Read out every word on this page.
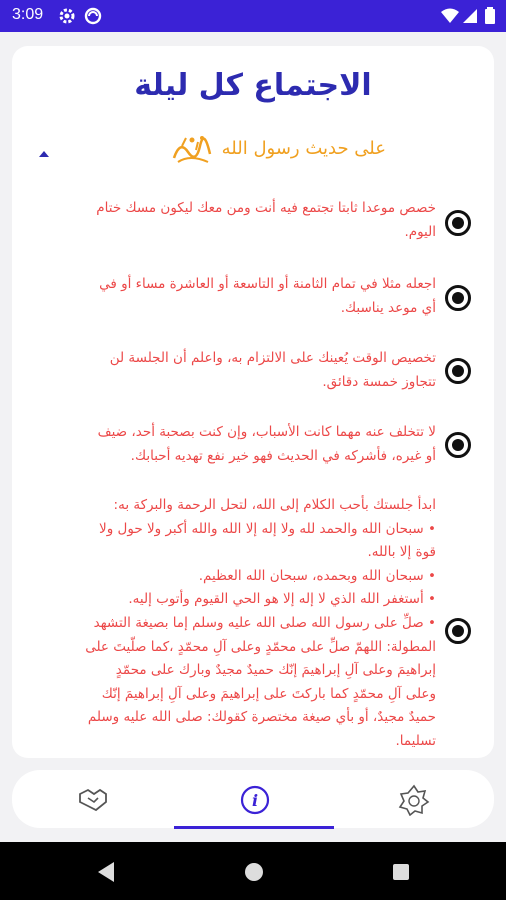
3:09
الاجتماع كل ليلة
على حديث رسول الله
خصص موعدا ثابتا تجتمع فيه أنت ومن معك ليكون مسك ختام
اليوم.
اجعله مثلا في تمام الثامنة أو التاسعة أو العاشرة مساء أو في
أي موعد يناسبك.
تخصيص الوقت يُعينك على الالتزام به، واعلم أن الجلسة لن
تتجاوز خمسة دقائق.
لا تتخلف عنه مهما كانت الأسباب، وإن كنت بصحبة أحد، ضيف
أو غيره، فأشركه في الحديث فهو خير نفع تهديه أحبابك.
ابدأ جلستك بأحب الكلام إلى الله، لتحل الرحمة والبركة به:
• سبحان الله والحمد لله ولا إله إلا الله والله أكبر ولا حول ولا
قوة إلا بالله.
• سبحان الله وبحمده، سبحان الله العظيم.
• أستغفر الله الذي لا إله إلا هو الحي القيوم وأتوب إليه.
• صلِّ على رسول الله صلى الله عليه وسلم إما بصيغة التشهد
المطولة: اللهمّ صلِّ على محمّدٍ وعلى آلِ محمّدٍ ،كما صلّيتَ على
إبراهيمَ وعلى آلِ إبراهيمَ إنّك حميدٌ مجيدٌ وبارك على محمّدٍ
وعلى آلِ محمّدٍ كما باركتَ على إبراهيمَ وعلى آلِ إبراهيمَ إنّك
حميدٌ مجيدٌ، أو بأي صيغة مختصرة كقولك: صلى الله عليه وسلم
تسليما.
i
